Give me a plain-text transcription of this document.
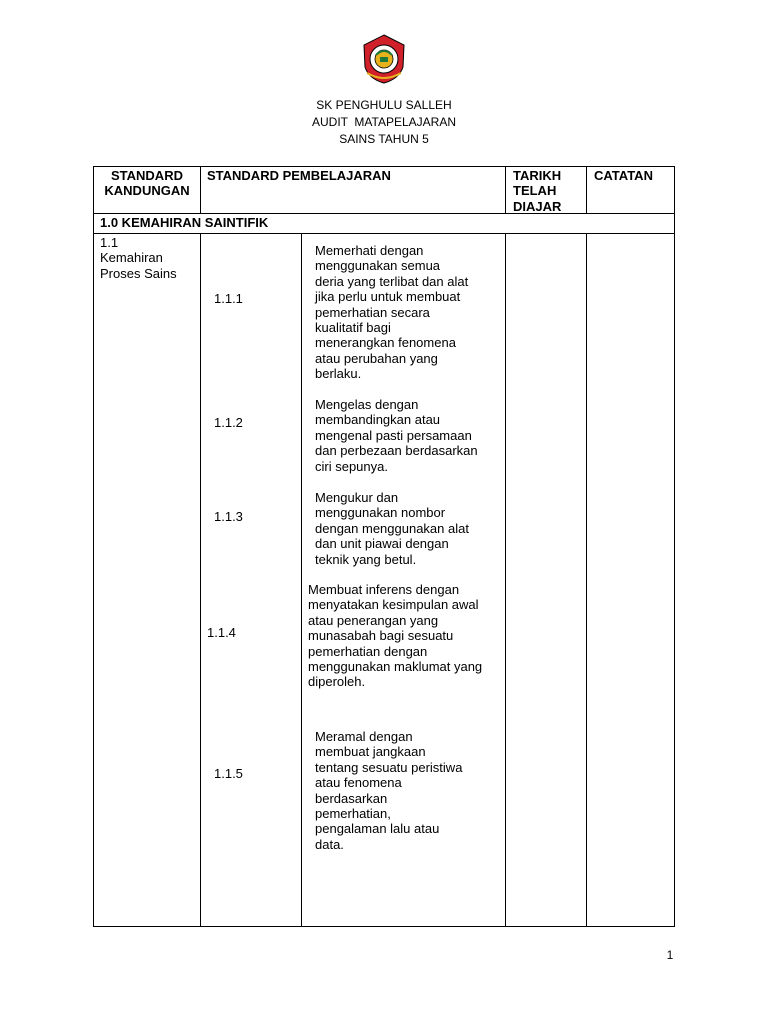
SK PENGHULU SALLEH
AUDIT  MATAPELAJARAN
SAINS TAHUN 5
STANDARD
KANDUNGAN
STANDARD PEMBELAJARAN	TARIKH
TELAH
DIAJAR
CATATAN
1.0 KEMAHIRAN SAINTIFIK
1.1
Kemahiran
Proses Sains
1.1.1
Memerhati dengan
menggunakan semua
deria yang terlibat dan alat
jika perlu untuk membuat
pemerhatian secara
kualitatif bagi
menerangkan fenomena
atau perubahan yang
berlaku.
1.1.2
Mengelas dengan
membandingkan atau
mengenal pasti persamaan
dan perbezaan berdasarkan
ciri sepunya.
1.1.3
Mengukur dan
menggunakan nombor
dengan menggunakan alat
dan unit piawai dengan
teknik yang betul.
1.1.4
Membuat inferens dengan
menyatakan kesimpulan awal
atau penerangan yang
munasabah bagi sesuatu
pemerhatian dengan
menggunakan maklumat yang
diperoleh.
1.1.5
Meramal dengan
membuat jangkaan
tentang sesuatu peristiwa
atau fenomena
berdasarkan
pemerhatian,
pengalaman lalu atau
data.
1
